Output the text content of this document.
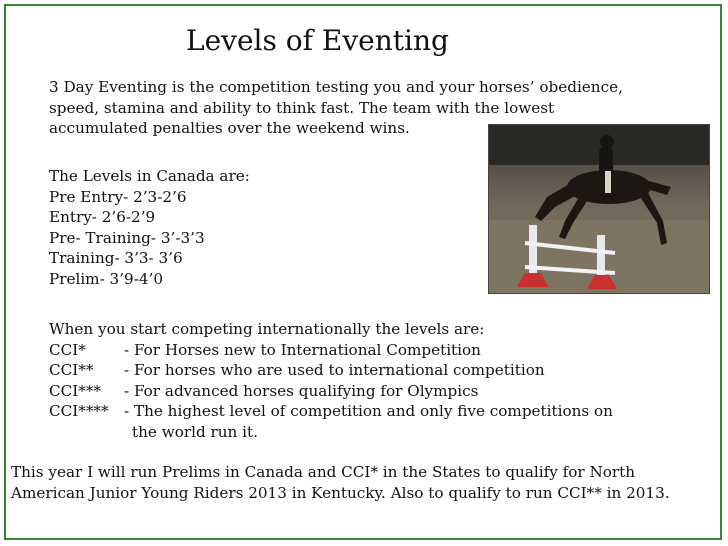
Levels of Eventing
3 Day Eventing is the competition testing you and your horses’ obedience,
speed, stamina and ability to think fast. The team with the lowest
accumulated penalties over the weekend wins.
The Levels in Canada are:
Pre Entry- 2’3-2’6
Entry- 2’6-2’9
Pre- Training- 3’-3’3
Training- 3’3- 3’6
Prelim- 3’9-4’0
When you start competing internationally the levels are:
CCI*	- For Horses new to International Competition
CCI**	- For horses who are used to international competition
CCI***	- For advanced horses qualifying for Olympics
CCI****	- The highest level of competition and only five competitions on
the world run it.
This year I will run Prelims in Canada and CCI* in the States to qualify for North American Junior Young Riders 2013 in Kentucky. Also to qualify to run CCI** in 2013.
